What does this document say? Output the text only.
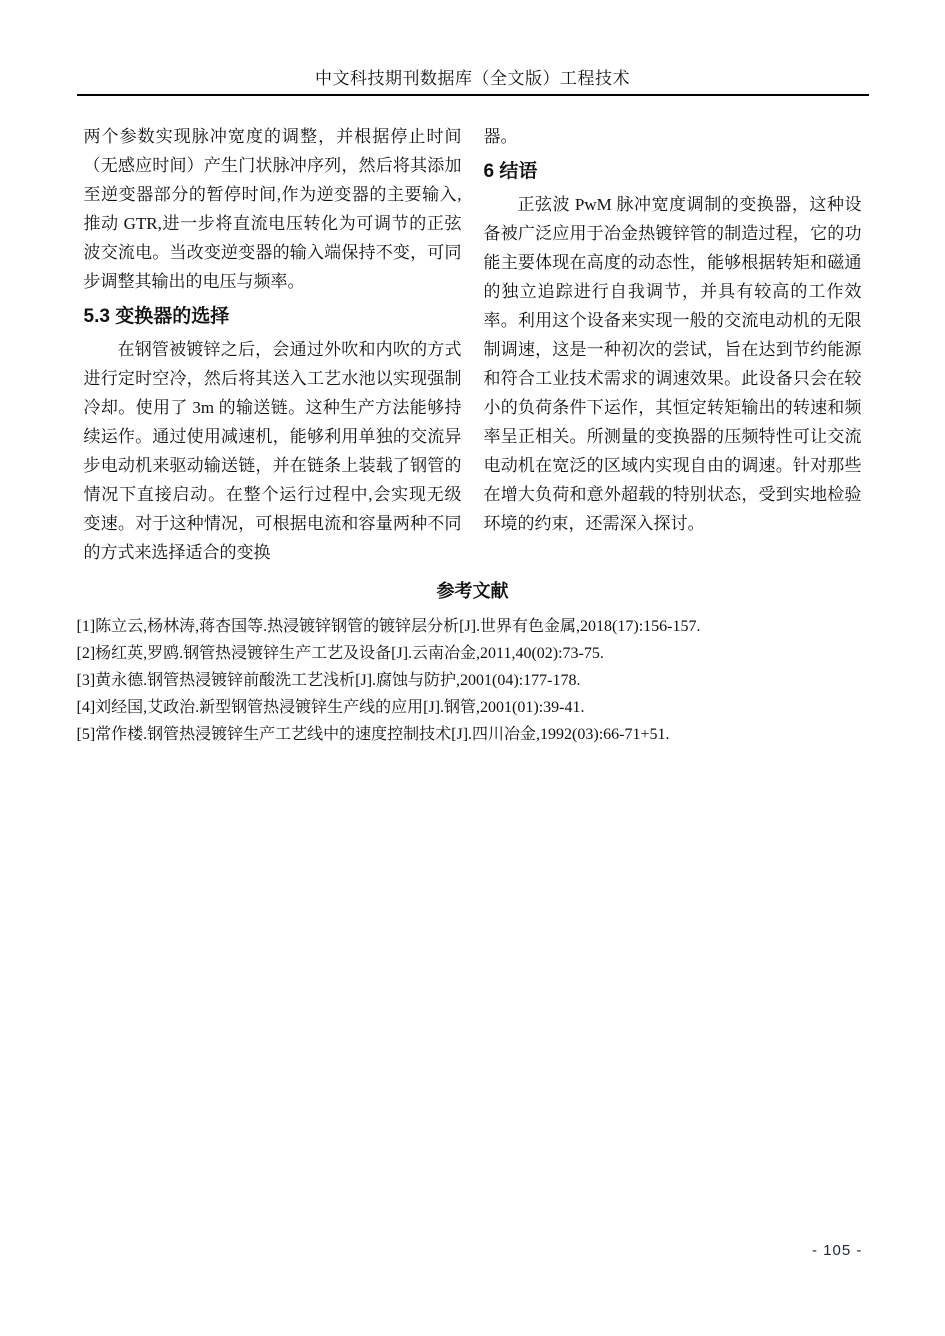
中文科技期刊数据库（全文版）工程技术

两个参数实现脉冲宽度的调整，并根据停止时间（无感应时间）产生门状脉冲序列，然后将其添加至逆变器部分的暂停时间,作为逆变器的主要输入,推动 GTR,进一步将直流电压转化为可调节的正弦波交流电。当改变逆变器的输入端保持不变，可同步调整其输出的电压与频率。

5.3 变换器的选择

在钢管被镀锌之后，会通过外吹和内吹的方式进行定时空冷，然后将其送入工艺水池以实现强制冷却。使用了 3m 的输送链。这种生产方法能够持续运作。通过使用减速机，能够利用单独的交流异步电动机来驱动输送链，并在链条上装载了钢管的情况下直接启动。在整个运行过程中,会实现无级变速。对于这种情况，可根据电流和容量两种不同的方式来选择适合的变换

器。

6 结语

正弦波 PwM 脉冲宽度调制的变换器，这种设备被广泛应用于冶金热镀锌管的制造过程，它的功能主要体现在高度的动态性，能够根据转矩和磁通的独立追踪进行自我调节，并具有较高的工作效率。利用这个设备来实现一般的交流电动机的无限制调速，这是一种初次的尝试，旨在达到节约能源和符合工业技术需求的调速效果。此设备只会在较小的负荷条件下运作，其恒定转矩输出的转速和频率呈正相关。所测量的变换器的压频特性可让交流电动机在宽泛的区域内实现自由的调速。针对那些在增大负荷和意外超载的特别状态，受到实地检验环境的约束，还需深入探讨。

参考文献
[1]陈立云,杨林涛,蒋杏国等.热浸镀锌钢管的镀锌层分析[J].世界有色金属,2018(17):156-157.
[2]杨红英,罗鸥.钢管热浸镀锌生产工艺及设备[J].云南冶金,2011,40(02):73-75.
[3]黄永德.钢管热浸镀锌前酸洗工艺浅析[J].腐蚀与防护,2001(04):177-178.
[4]刘经国,艾政治.新型钢管热浸镀锌生产线的应用[J].钢管,2001(01):39-41.
[5]常作楼.钢管热浸镀锌生产工艺线中的速度控制技术[J].四川冶金,1992(03):66-71+51.
- 105 -
